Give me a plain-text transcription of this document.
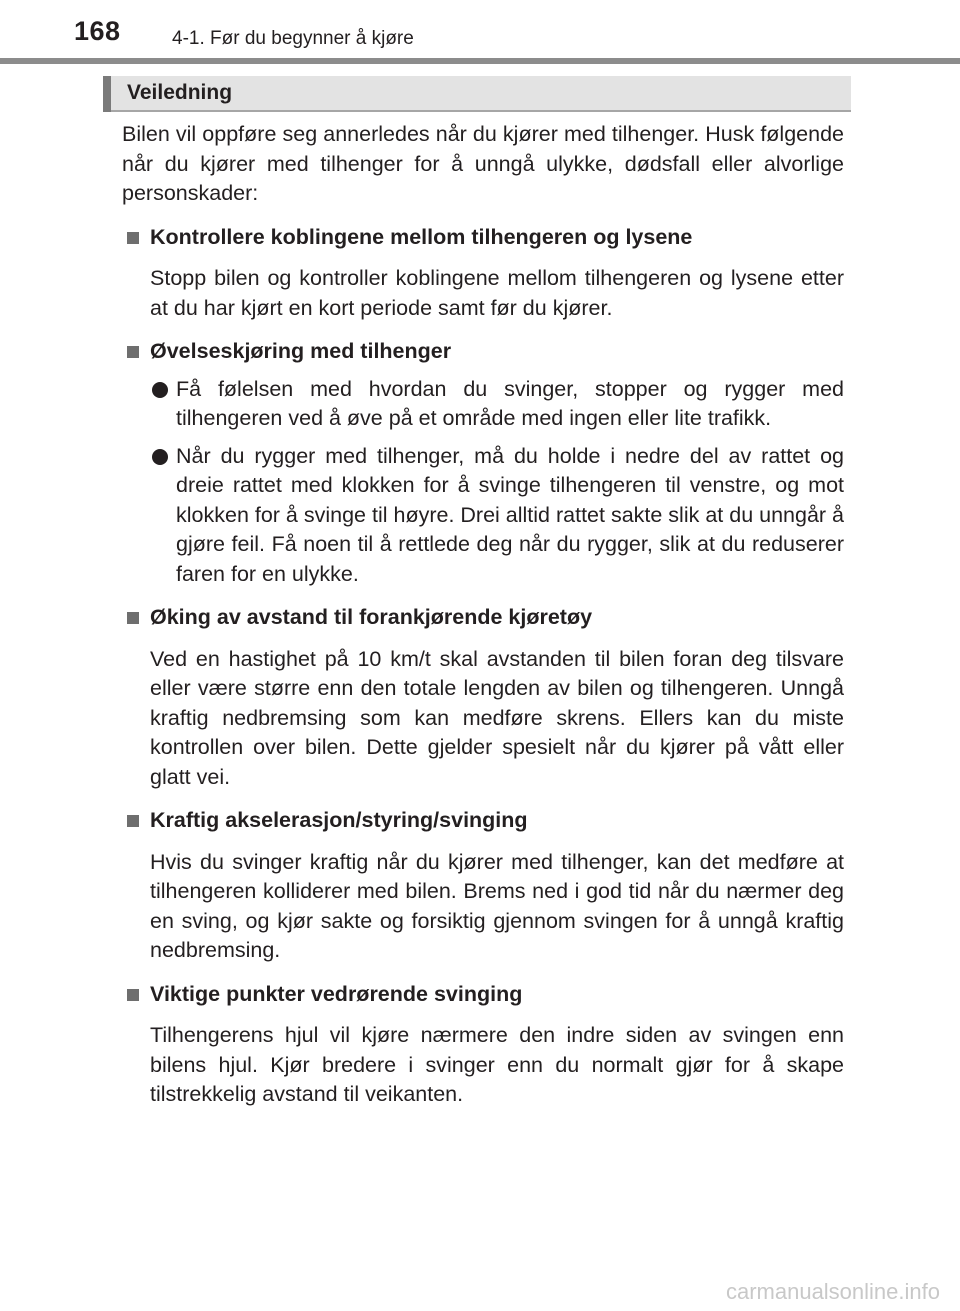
168	4-1. Før du begynner å kjøre
Veiledning

Bilen vil oppføre seg annerledes når du kjører med tilhenger. Husk følgende når du kjører med tilhenger for å unngå ulykke, dødsfall eller alvorlige personskader:

Kontrollere koblingene mellom tilhengeren og lysene
Stopp bilen og kontroller koblingene mellom tilhengeren og lysene etter at du har kjørt en kort periode samt før du kjører.
Øvelseskjøring med tilhenger
Få følelsen med hvordan du svinger, stopper og rygger med tilhengeren ved å øve på et område med ingen eller lite trafikk.
Når du rygger med tilhenger, må du holde i nedre del av rattet og dreie rattet med klokken for å svinge tilhengeren til venstre, og mot klokken for å svinge til høyre. Drei alltid rattet sakte slik at du unngår å gjøre feil. Få noen til å rettlede deg når du rygger, slik at du reduserer faren for en ulykke.
Øking av avstand til forankjørende kjøretøy
Ved en hastighet på 10 km/t skal avstanden til bilen foran deg tilsvare eller være større enn den totale lengden av bilen og tilhengeren. Unngå kraftig nedbremsing som kan medføre skrens. Ellers kan du miste kontrollen over bilen. Dette gjelder spesielt når du kjører på vått eller glatt vei.
Kraftig akselerasjon/styring/svinging
Hvis du svinger kraftig når du kjører med tilhenger, kan det medføre at tilhengeren kolliderer med bilen. Brems ned i god tid når du nærmer deg en sving, og kjør sakte og forsiktig gjennom svingen for å unngå kraftig nedbremsing.
Viktige punkter vedrørende svinging
Tilhengerens hjul vil kjøre nærmere den indre siden av svingen enn bilens hjul. Kjør bredere i svinger enn du normalt gjør for å skape tilstrekkelig avstand til veikanten.
carmanualsonline.info
